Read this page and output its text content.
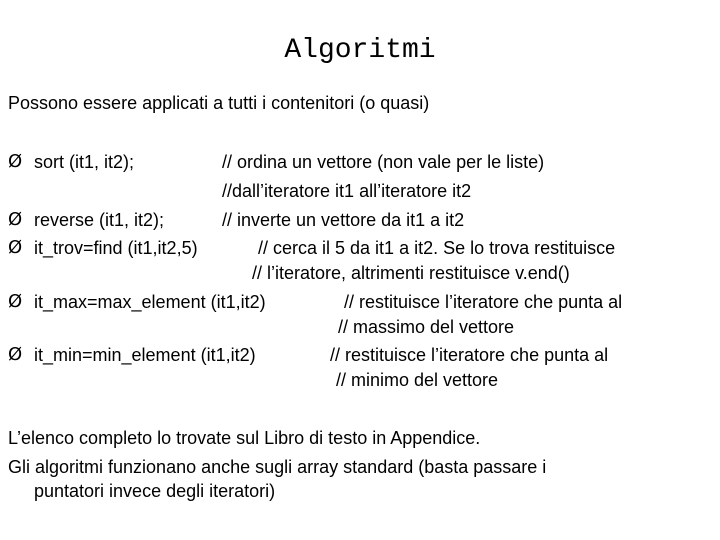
Algoritmi
Possono essere applicati a tutti i contenitori (o quasi)
Ø sort (it1, it2);	// ordina un vettore (non vale per le liste)
//dall’iteratore it1 all’iteratore it2
Ø reverse (it1, it2);	// inverte un vettore da it1 a it2
Ø it_trov=find (it1,it2,5)	// cerca il 5 da it1 a it2. Se lo trova restituisce
// l’iteratore, altrimenti restituisce v.end()
Ø it_max=max_element (it1,it2)	// restituisce l’iteratore che punta al
// massimo del vettore
Ø it_min=min_element (it1,it2)	// restituisce l’iteratore che punta al
// minimo del vettore
L’elenco completo lo trovate sul Libro di testo in Appendice.
Gli algoritmi funzionano anche sugli array standard (basta passare i
puntatori invece degli iteratori)
